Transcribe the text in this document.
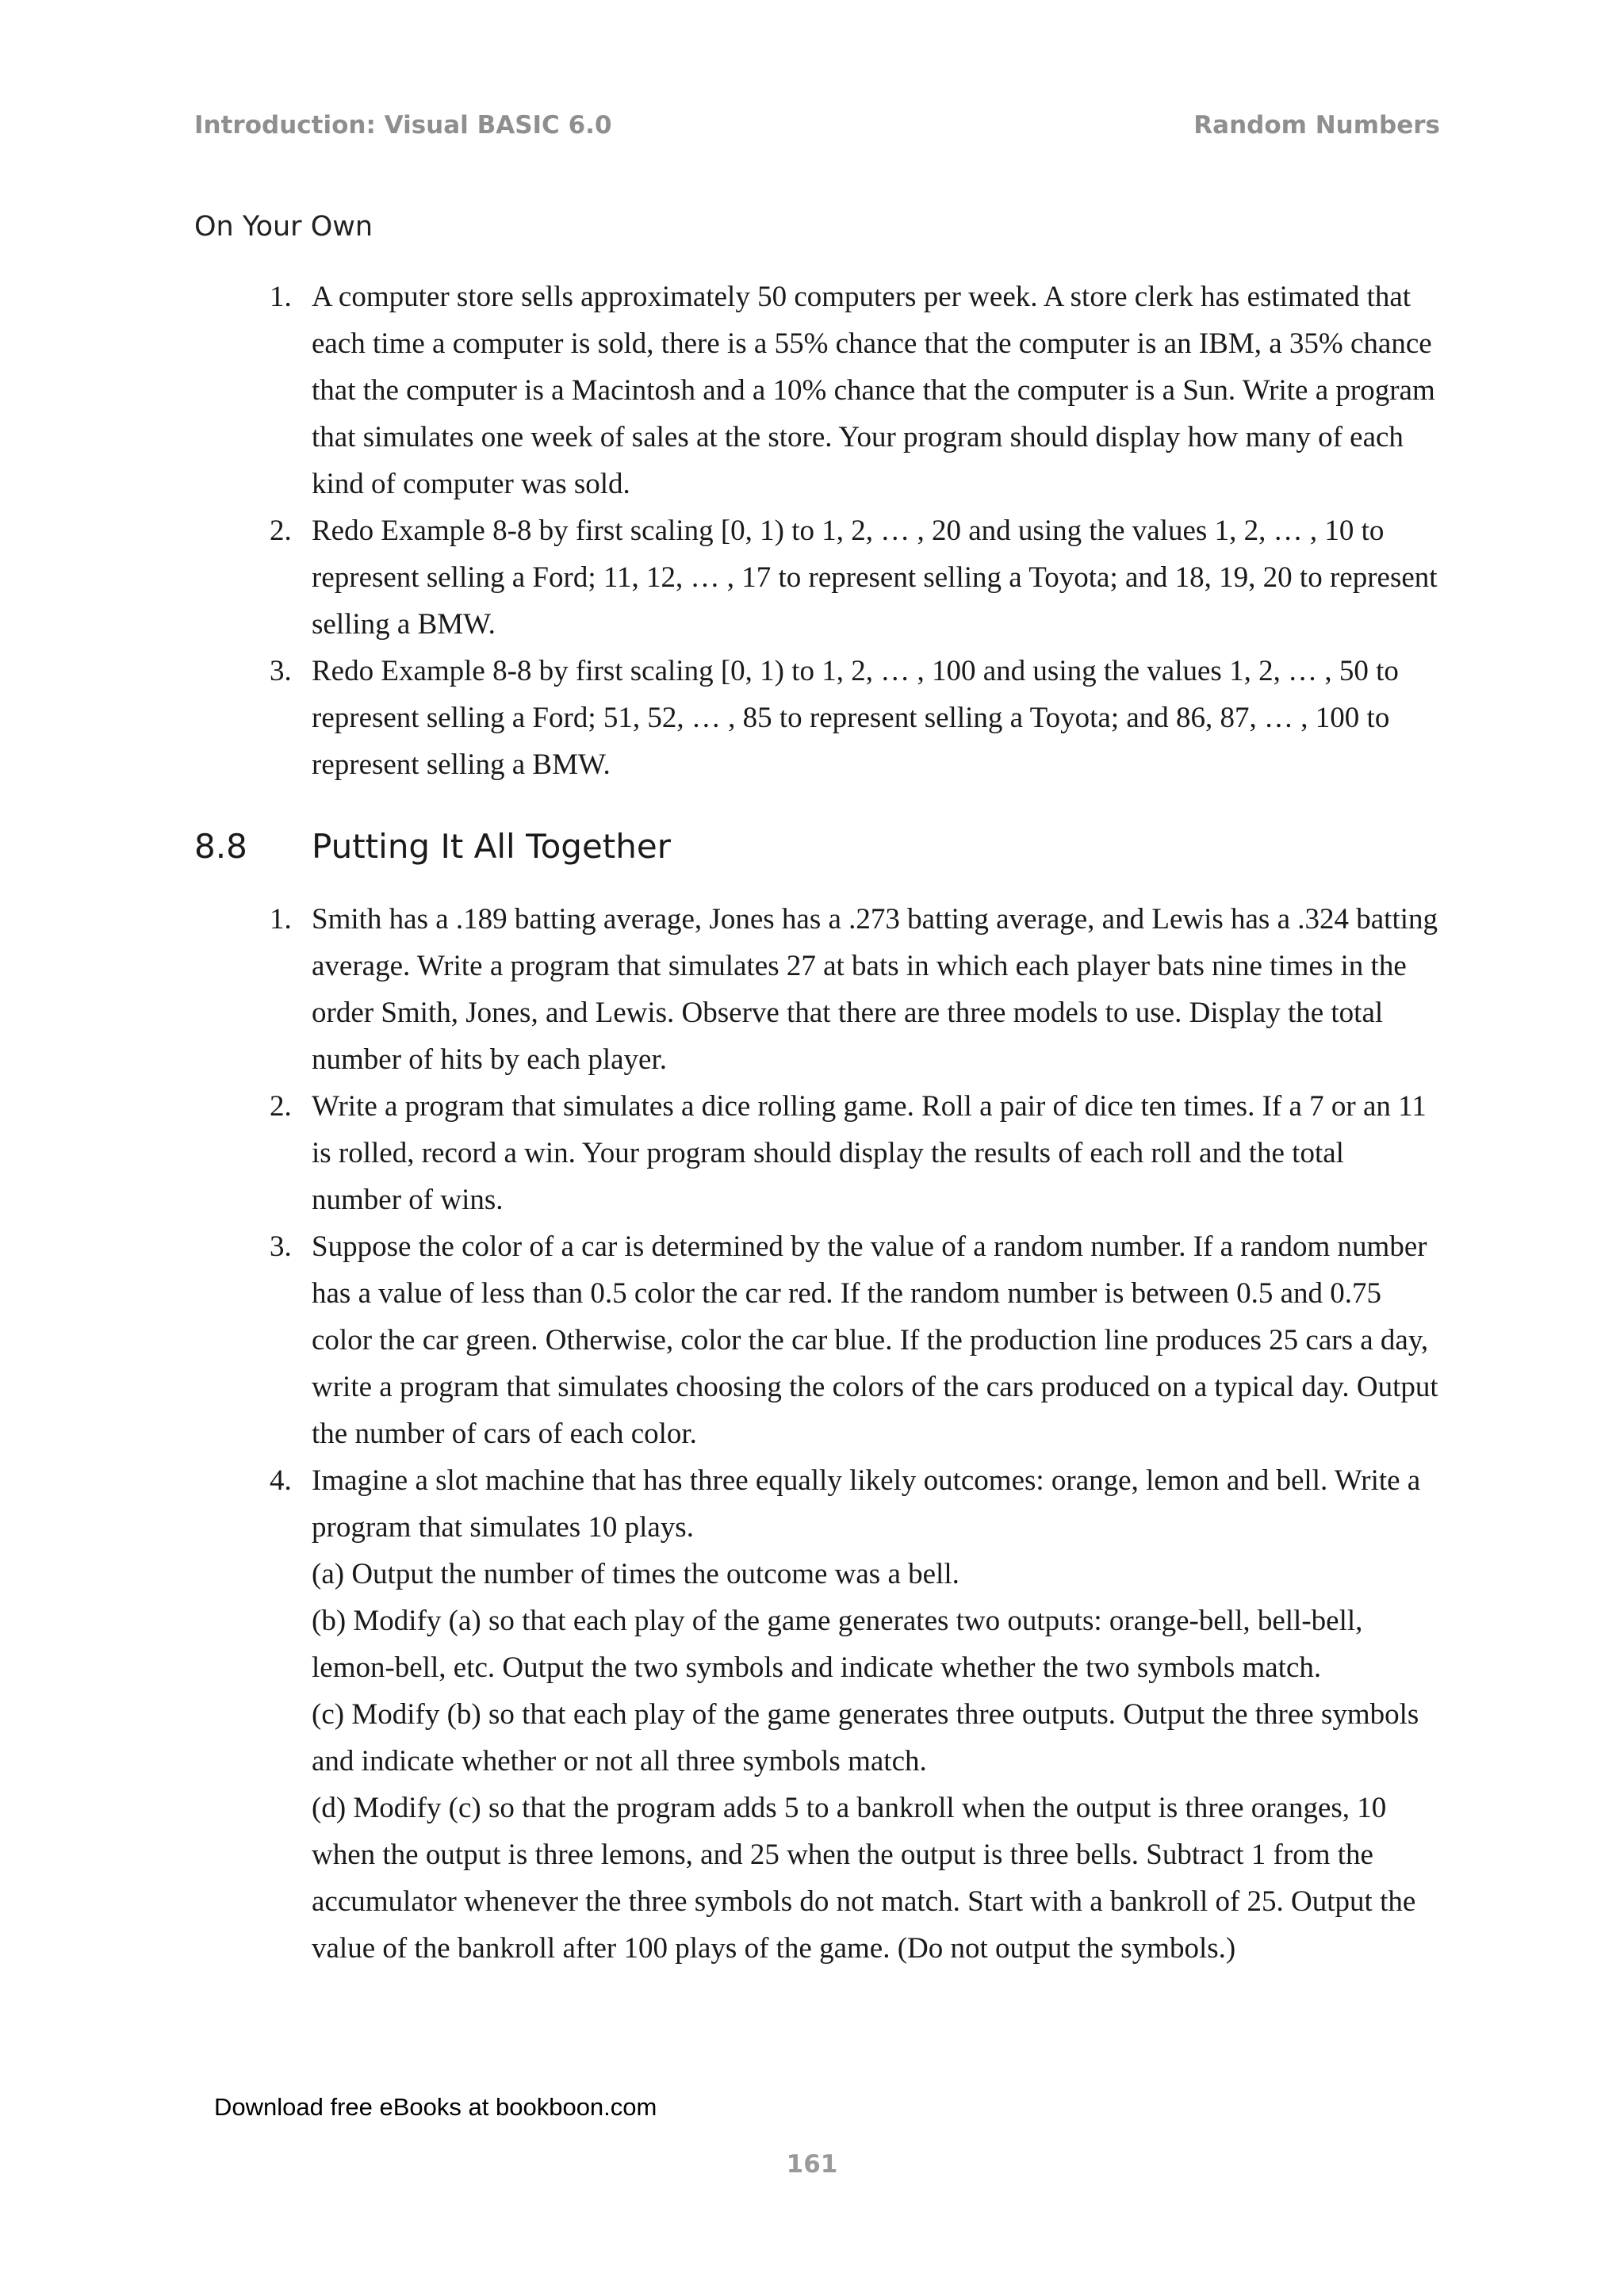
Introduction: Visual BASIC 6.0	Random Numbers
On Your Own
1. A computer store sells approximately 50 computers per week. A store clerk has estimated that each time a computer is sold, there is a 55% chance that the computer is an IBM, a 35% chance that the computer is a Macintosh and a 10% chance that the computer is a Sun. Write a program that simulates one week of sales at the store. Your program should display how many of each kind of computer was sold.

2. Redo Example 8-8 by first scaling [0, 1) to 1, 2, … , 20 and using the values 1, 2, … , 10 to represent selling a Ford; 11, 12, … , 17 to represent selling a Toyota; and 18, 19, 20 to represent selling a BMW.

3. Redo Example 8-8 by first scaling [0, 1) to 1, 2, … , 100 and using the values 1, 2, … , 50 to represent selling a Ford; 51, 52, … , 85 to represent selling a Toyota; and 86, 87, … , 100 to represent selling a BMW.

8.8 Putting It All Together
1. Smith has a .189 batting average, Jones has a .273 batting average, and Lewis has a .324 batting average. Write a program that simulates 27 at bats in which each player bats nine times in the order Smith, Jones, and Lewis. Observe that there are three models to use. Display the total number of hits by each player.

2. Write a program that simulates a dice rolling game. Roll a pair of dice ten times. If a 7 or an 11 is rolled, record a win. Your program should display the results of each roll and the total number of wins.

3. Suppose the color of a car is determined by the value of a random number. If a random number has a value of less than 0.5 color the car red. If the random number is between 0.5 and 0.75 color the car green. Otherwise, color the car blue. If the production line produces 25 cars a day, write a program that simulates choosing the colors of the cars produced on a typical day. Output the number of cars of each color.

4. Imagine a slot machine that has three equally likely outcomes: orange, lemon and bell. Write a program that simulates 10 plays.

(a) Output the number of times the outcome was a bell.

(b) Modify (a) so that each play of the game generates two outputs: orange-bell, bell-bell, lemon-bell, etc. Output the two symbols and indicate whether the two symbols match.

(c) Modify (b) so that each play of the game generates three outputs. Output the three symbols and indicate whether or not all three symbols match.

(d) Modify (c) so that the program adds 5 to a bankroll when the output is three oranges, 10 when the output is three lemons, and 25 when the output is three bells. Subtract 1 from the accumulator whenever the three symbols do not match. Start with a bankroll of 25. Output the value of the bankroll after 100 plays of the game. (Do not output the symbols.)

Download free eBooks at bookboon.com
161
